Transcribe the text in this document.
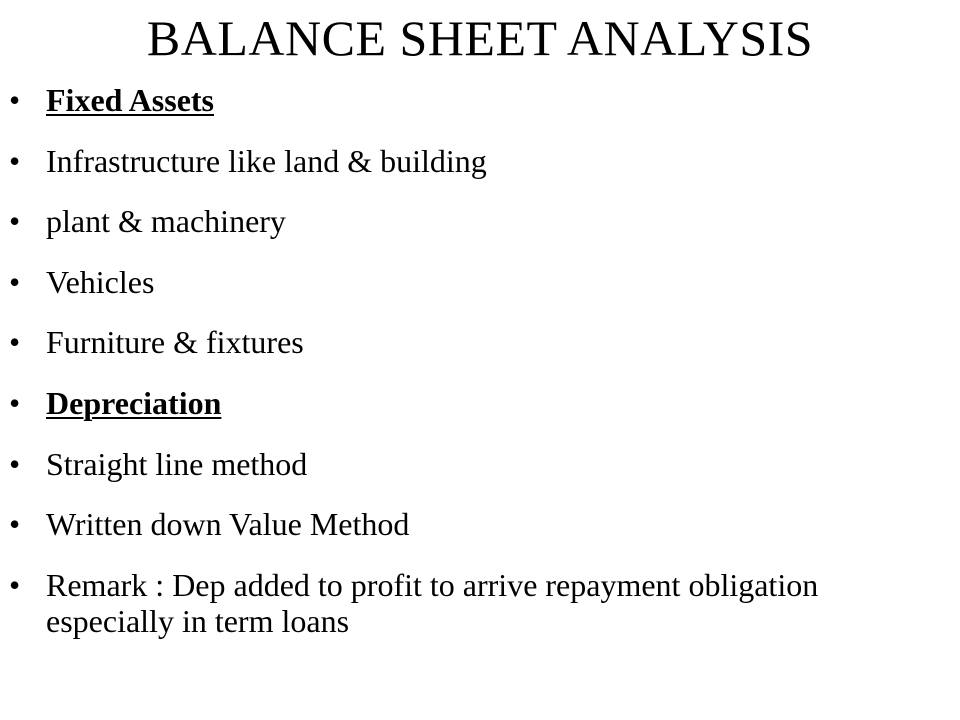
BALANCE SHEET ANALYSIS
• Fixed Assets
• Infrastructure like land & building
• plant & machinery
• Vehicles
• Furniture & fixtures
• Depreciation
• Straight line method
• Written down Value Method
• Remark : Dep added to profit to arrive repayment obligation especially in term loans
